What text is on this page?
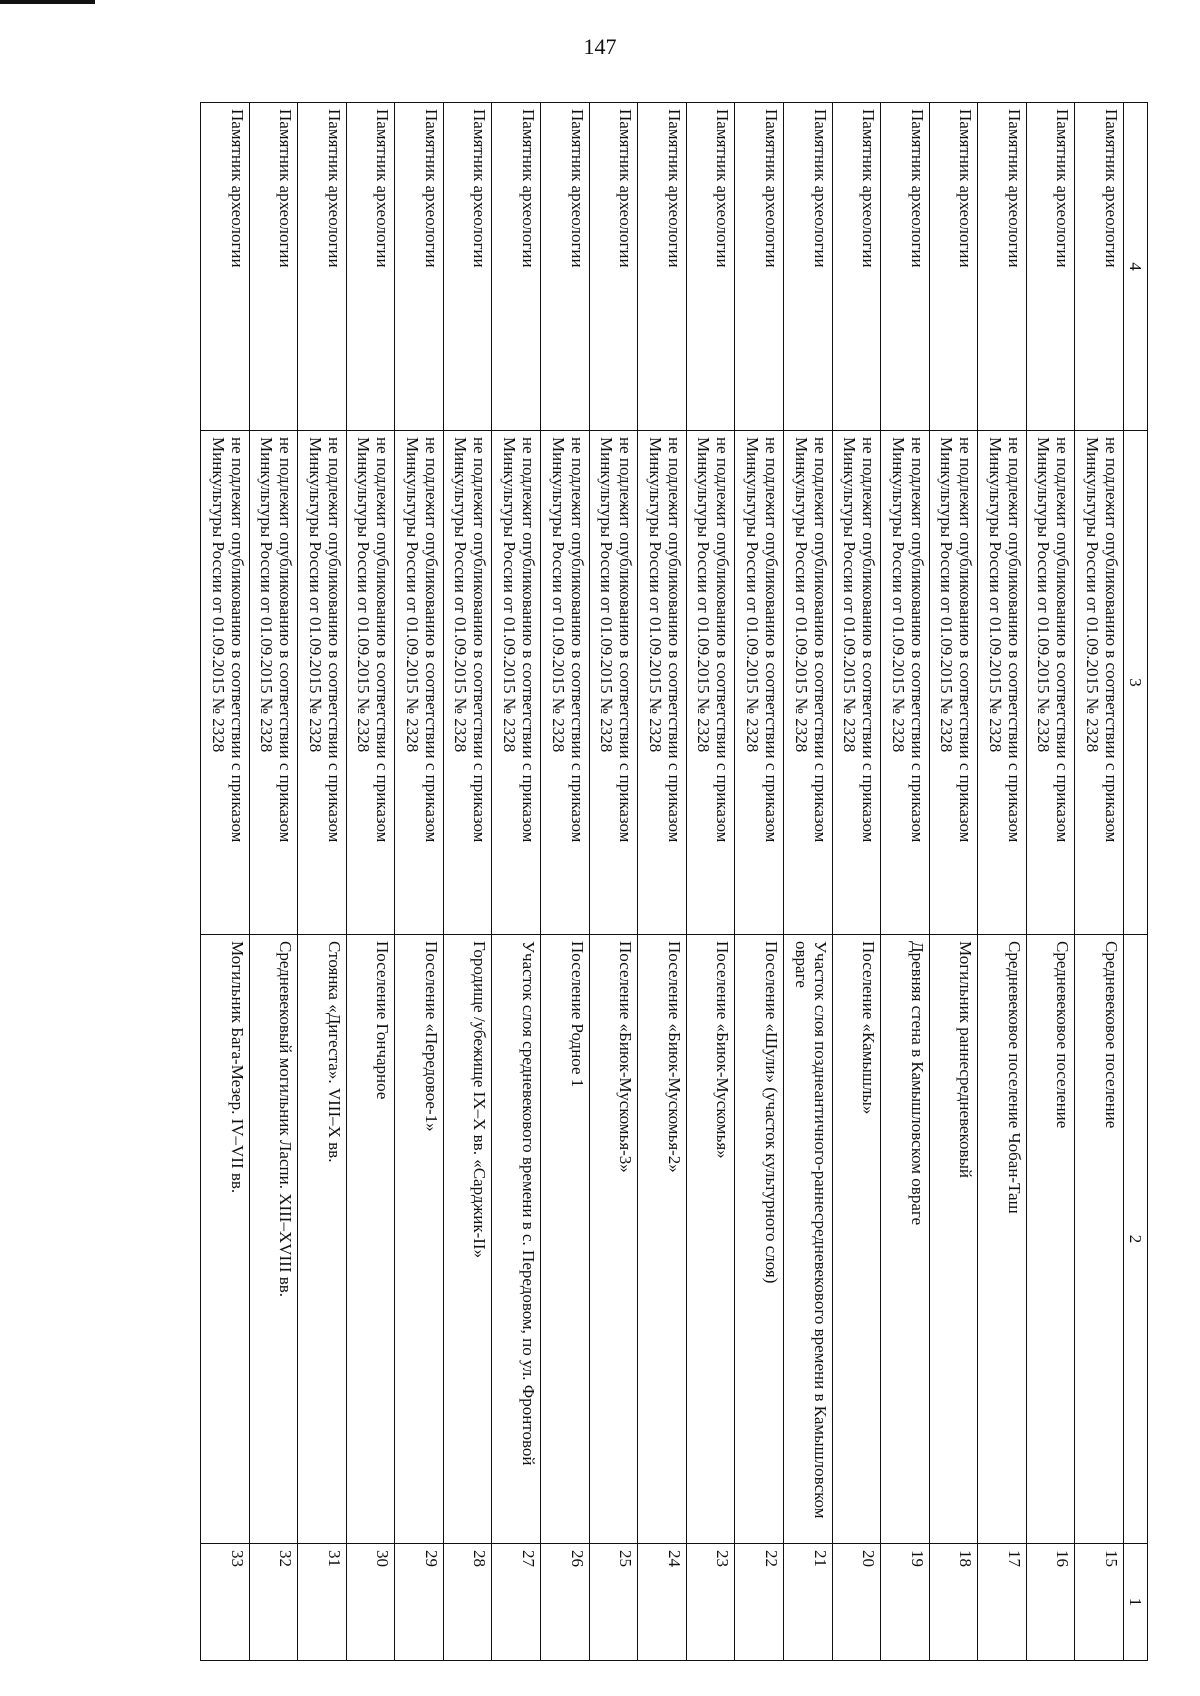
147
4	3	2	1
Памятник археологии	не подлежит опубликованию в соответствии с приказом Минкультуры России от 01.09.2015 № 2328	Средневековое поселение	15
Памятник археологии	не подлежит опубликованию в соответствии с приказом Минкультуры России от 01.09.2015 № 2328	Средневековое поселение	16
Памятник археологии	не подлежит опубликованию в соответствии с приказом Минкультуры России от 01.09.2015 № 2328	Средневековое поселение Чобан-Таш	17
Памятник археологии	не подлежит опубликованию в соответствии с приказом Минкультуры России от 01.09.2015 № 2328	Могильник раннесредневековый	18
Памятник археологии	не подлежит опубликованию в соответствии с приказом Минкультуры России от 01.09.2015 № 2328	Древняя стена в Камышловском овраге	19
Памятник археологии	не подлежит опубликованию в соответствии с приказом Минкультуры России от 01.09.2015 № 2328	Поселение «Камышлы»	20
Памятник археологии	не подлежит опубликованию в соответствии с приказом Минкультуры России от 01.09.2015 № 2328	Участок слоя позднеантичного-раннесредневекового времени в Камышловском овраге	21
Памятник археологии	не подлежит опубликованию в соответствии с приказом Минкультуры России от 01.09.2015 № 2328	Поселение «Шули» (участок культурного слоя)	22
Памятник археологии	не подлежит опубликованию в соответствии с приказом Минкультуры России от 01.09.2015 № 2328	Поселение «Биюк-Мускомья»	23
Памятник археологии	не подлежит опубликованию в соответствии с приказом Минкультуры России от 01.09.2015 № 2328	Поселение «Биюк-Мускомья-2»	24
Памятник археологии	не подлежит опубликованию в соответствии с приказом Минкультуры России от 01.09.2015 № 2328	Поселение «Биюк-Мускомья-3»	25
Памятник археологии	не подлежит опубликованию в соответствии с приказом Минкультуры России от 01.09.2015 № 2328	Поселение Родное 1	26
Памятник археологии	не подлежит опубликованию в соответствии с приказом Минкультуры России от 01.09.2015 № 2328	Участок слоя средневекового времени в с. Передовом, по ул. Фронтовой	27
Памятник археологии	не подлежит опубликованию в соответствии с приказом Минкультуры России от 01.09.2015 № 2328	Городище /убежище IX–X вв. «Сарджик-II»	28
Памятник археологии	не подлежит опубликованию в соответствии с приказом Минкультуры России от 01.09.2015 № 2328	Поселение «Передовое-1»	29
Памятник археологии	не подлежит опубликованию в соответствии с приказом Минкультуры России от 01.09.2015 № 2328	Поселение Гончарное	30
Памятник археологии	не подлежит опубликованию в соответствии с приказом Минкультуры России от 01.09.2015 № 2328	Стоянка «Дигеста». VIII–X вв.	31
Памятник археологии	не подлежит опубликованию в соответствии с приказом Минкультуры России от 01.09.2015 № 2328	Средневековый могильник Ласпи. XIII–XVIII вв.	32
Памятник археологии	не подлежит опубликованию в соответствии с приказом Минкультуры России от 01.09.2015 № 2328	Могильник Бага-Мезер. IV–VII вв.	33
